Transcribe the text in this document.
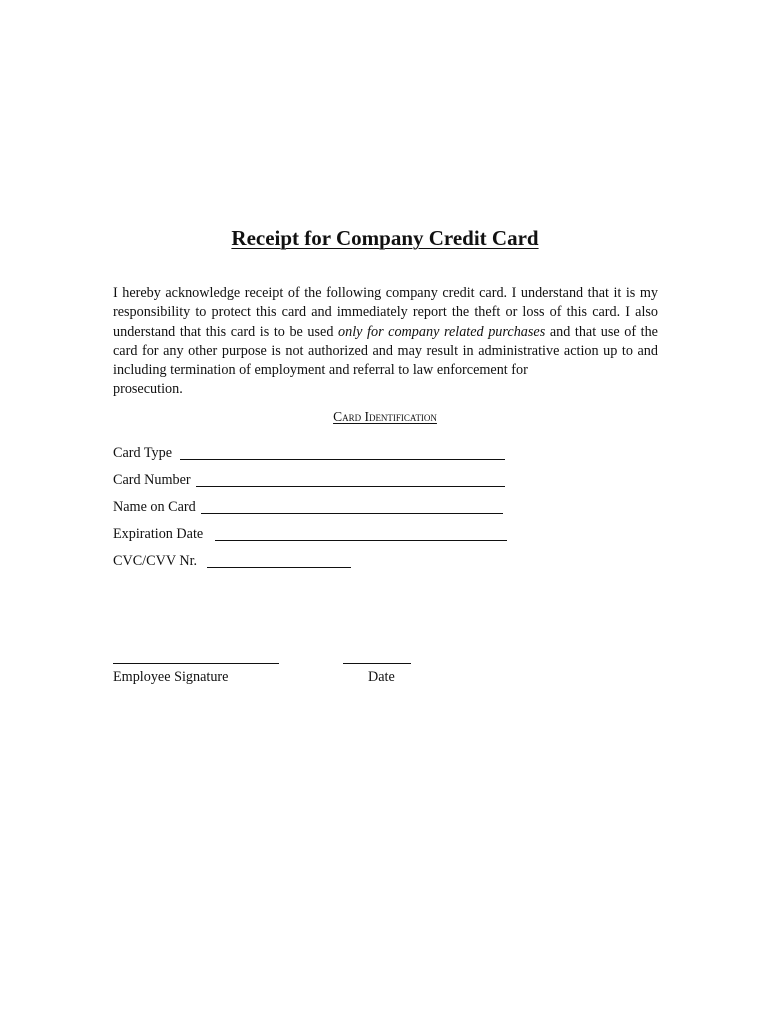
Receipt for Company Credit Card

I hereby acknowledge receipt of the following company credit card. I understand that it is my responsibility to protect this card and immediately report the theft or loss of this card. I also understand that this card is to be used only for company related purchases and that use of the card for any other purpose is not authorized and may result in administrative action up to and including termination of employment and referral to law enforcement for
prosecution.

Card Identification
Card Type
Card Number
Name on Card
Expiration Date
CVC/CVV Nr.
Employee Signature	Date
